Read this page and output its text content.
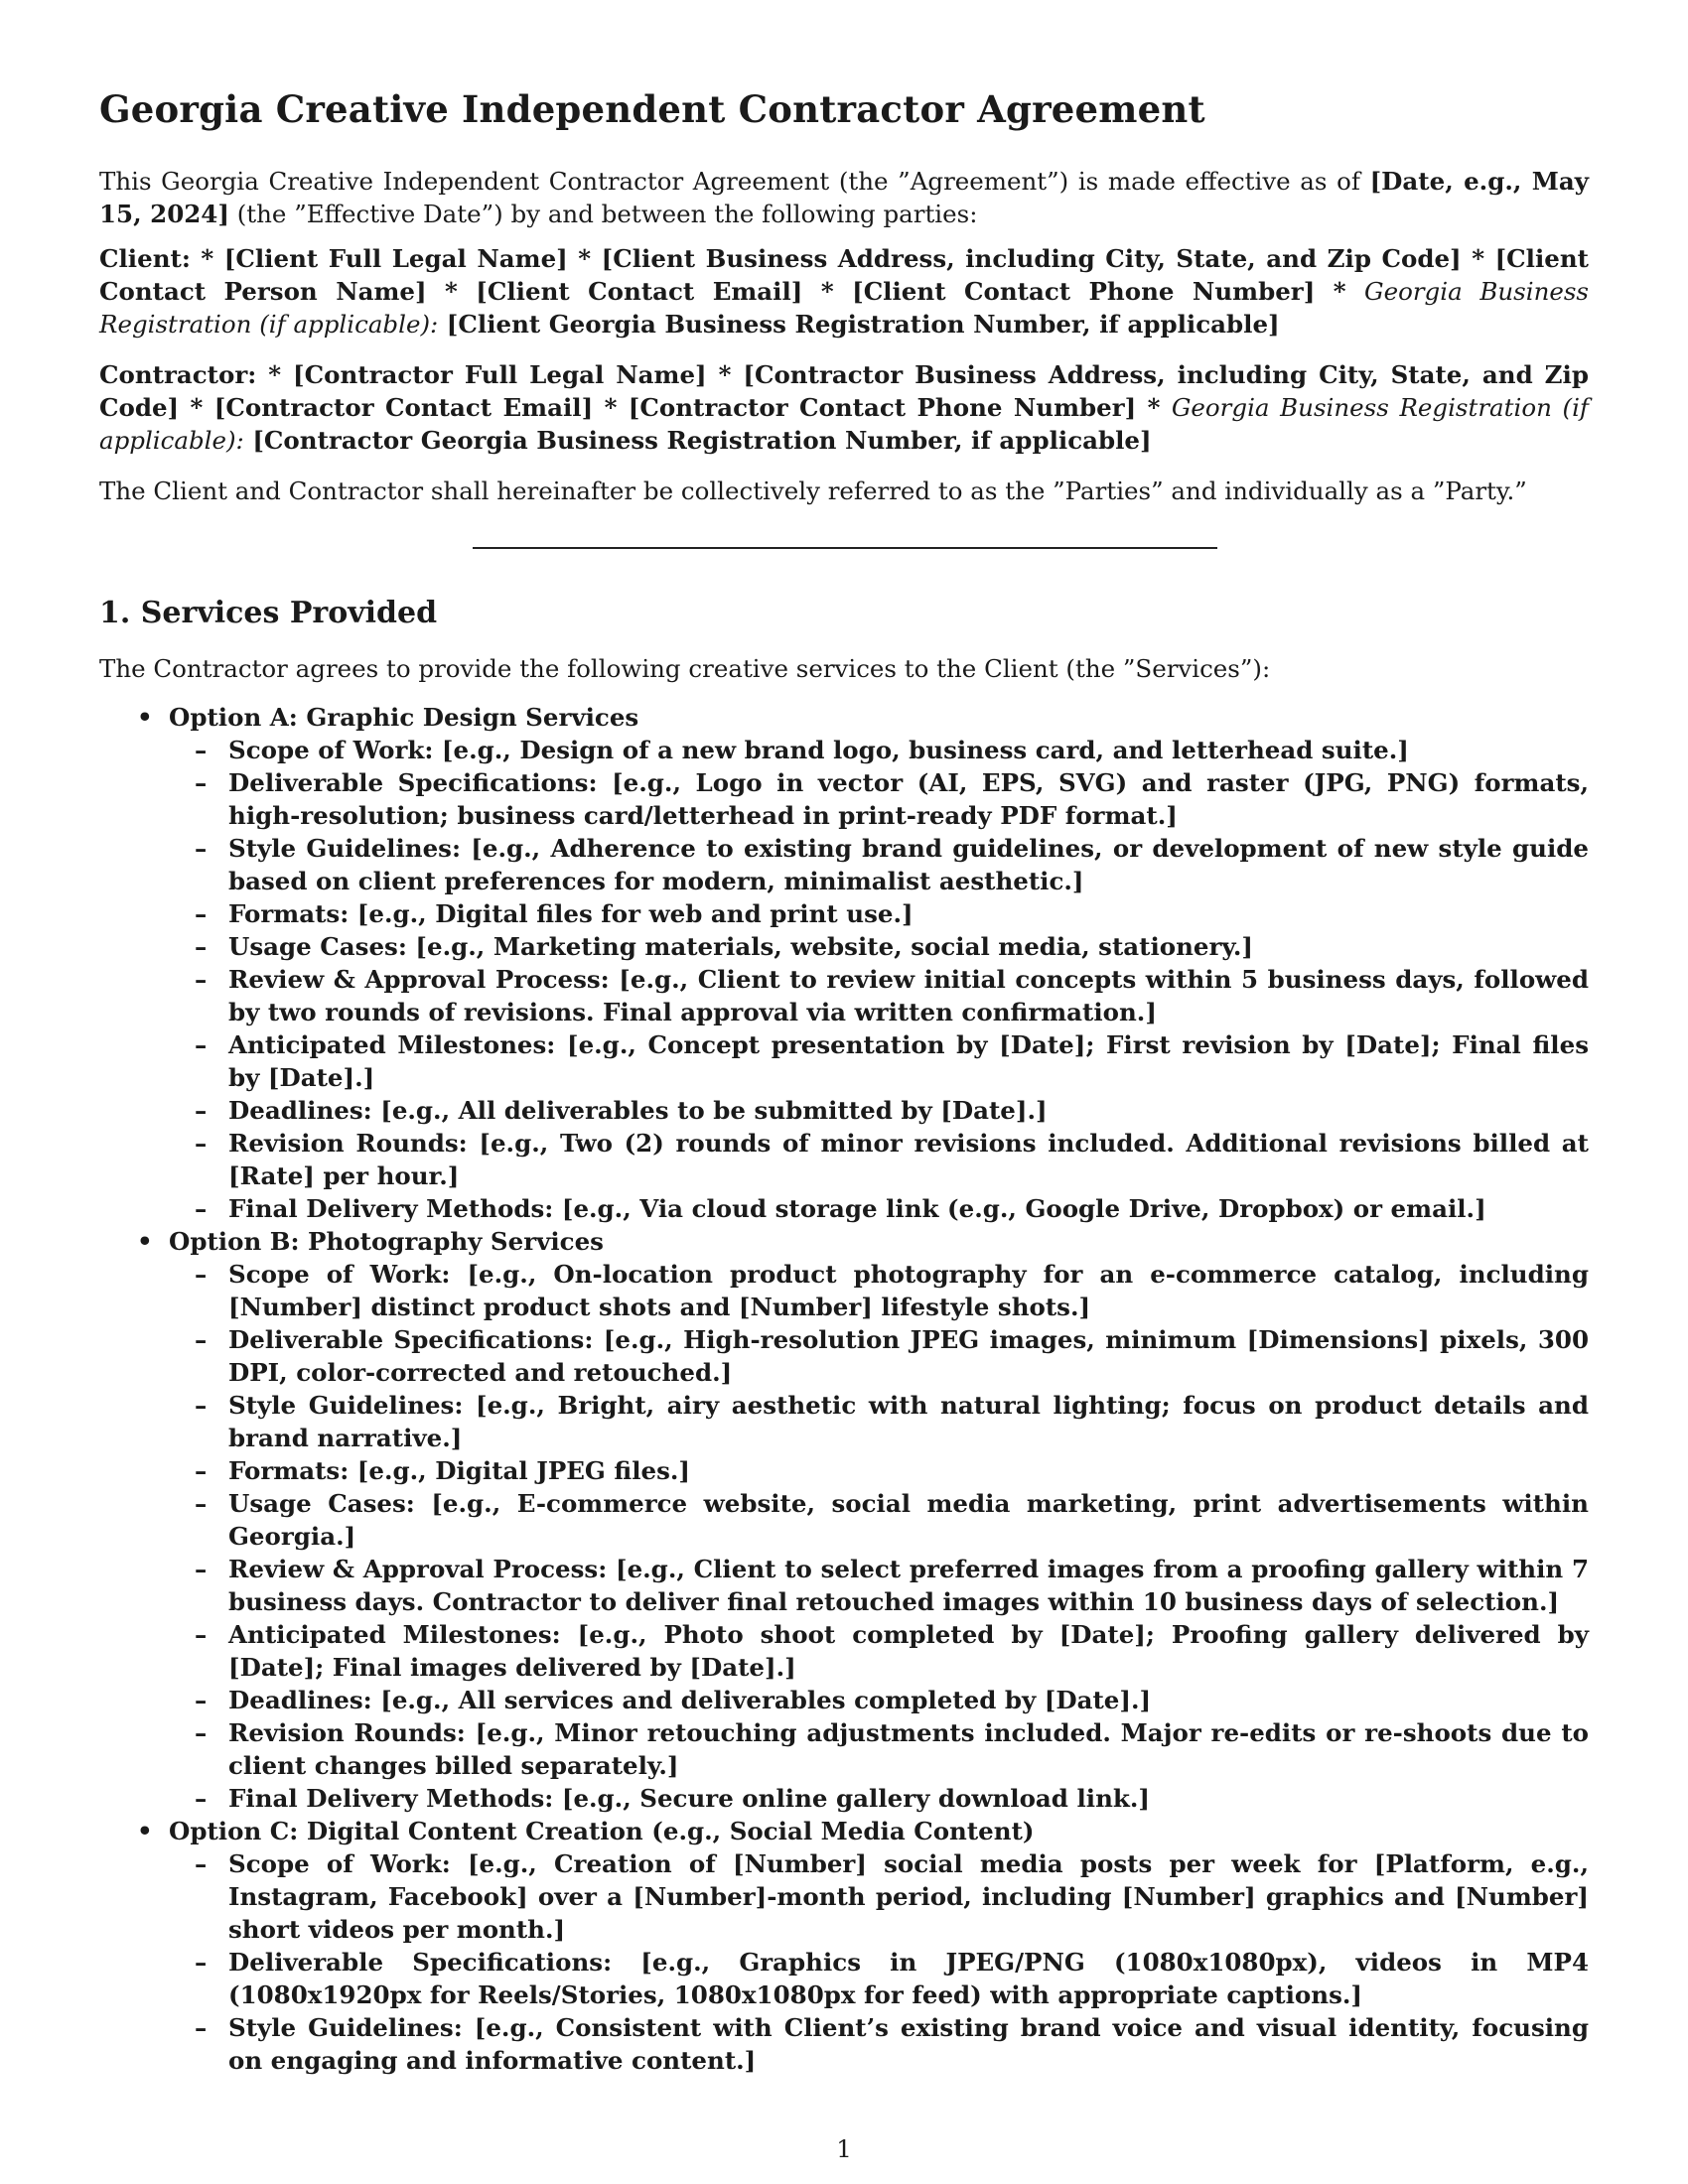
Georgia Creative Independent Contractor Agreement

This Georgia Creative Independent Contractor Agreement (the ”Agreement”) is made effective as of [Date, e.g., May 15, 2024] (the ”Effective Date”) by and between the following parties:

Client: * [Client Full Legal Name] * [Client Business Address, including City, State, and Zip Code] * [Client Contact Person Name] * [Client Contact Email] * [Client Contact Phone Number] * Georgia Business Registration (if applicable): [Client Georgia Business Registration Number, if applicable]

Contractor: * [Contractor Full Legal Name] * [Contractor Business Address, including City, State, and Zip Code] * [Contractor Contact Email] * [Contractor Contact Phone Number] * Georgia Business Registration (if applicable): [Contractor Georgia Business Registration Number, if applicable]

The Client and Contractor shall hereinafter be collectively referred to as the ”Parties” and individually as a ”Party.”

1. Services Provided

The Contractor agrees to provide the following creative services to the Client (the ”Services”):

• Option A: Graphic Design Services
– Scope of Work: [e.g., Design of a new brand logo, business card, and letterhead suite.]
– Deliverable Specifications: [e.g., Logo in vector (AI, EPS, SVG) and raster (JPG, PNG) formats, high-resolution; business card/letterhead in print-ready PDF format.]
– Style Guidelines: [e.g., Adherence to existing brand guidelines, or development of new style guide based on client preferences for modern, minimalist aesthetic.]
– Formats: [e.g., Digital files for web and print use.]
– Usage Cases: [e.g., Marketing materials, website, social media, stationery.]
– Review & Approval Process: [e.g., Client to review initial concepts within 5 business days, followed by two rounds of revisions. Final approval via written confirmation.]
– Anticipated Milestones: [e.g., Concept presentation by [Date]; First revision by [Date]; Final files by [Date].]
– Deadlines: [e.g., All deliverables to be submitted by [Date].]
– Revision Rounds: [e.g., Two (2) rounds of minor revisions included. Additional revisions billed at [Rate] per hour.]
– Final Delivery Methods: [e.g., Via cloud storage link (e.g., Google Drive, Dropbox) or email.]
• Option B: Photography Services
– Scope of Work: [e.g., On-location product photography for an e-commerce catalog, including [Number] distinct product shots and [Number] lifestyle shots.]
– Deliverable Specifications: [e.g., High-resolution JPEG images, minimum [Dimensions] pixels, 300 DPI, color-corrected and retouched.]
– Style Guidelines: [e.g., Bright, airy aesthetic with natural lighting; focus on product details and brand narrative.]
– Formats: [e.g., Digital JPEG files.]
– Usage Cases: [e.g., E-commerce website, social media marketing, print advertisements within Georgia.]
– Review & Approval Process: [e.g., Client to select preferred images from a proofing gallery within 7 business days. Contractor to deliver final retouched images within 10 business days of selection.]
– Anticipated Milestones: [e.g., Photo shoot completed by [Date]; Proofing gallery delivered by [Date]; Final images delivered by [Date].]
– Deadlines: [e.g., All services and deliverables completed by [Date].]
– Revision Rounds: [e.g., Minor retouching adjustments included. Major re-edits or re-shoots due to client changes billed separately.]
– Final Delivery Methods: [e.g., Secure online gallery download link.]
• Option C: Digital Content Creation (e.g., Social Media Content)
– Scope of Work: [e.g., Creation of [Number] social media posts per week for [Platform, e.g., Instagram, Facebook] over a [Number]-month period, including [Number] graphics and [Number] short videos per month.]
– Deliverable Specifications: [e.g., Graphics in JPEG/PNG (1080x1080px), videos in MP4 (1080x1920px for Reels/Stories, 1080x1080px for feed) with appropriate captions.]
– Style Guidelines: [e.g., Consistent with Client’s existing brand voice and visual identity, focusing on engaging and informative content.]
1
